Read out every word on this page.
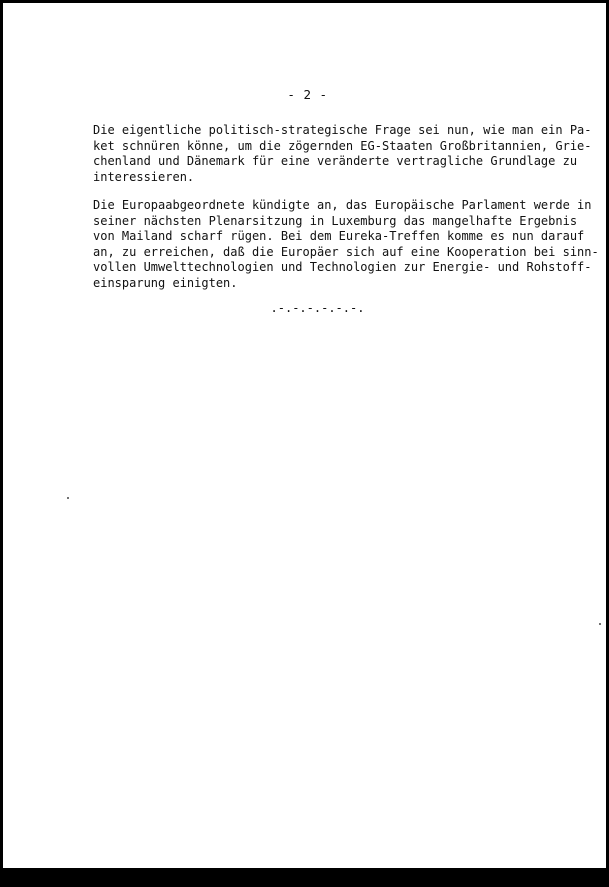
- 2 -
Die eigentliche politisch-strategische Frage sei nun, wie man ein Pa-
ket schnüren könne, um die zögernden EG-Staaten Großbritannien, Grie-
chenland und Dänemark für eine veränderte vertragliche Grundlage zu
interessieren.
Die Europaabgeordnete kündigte an, das Europäische Parlament werde in
seiner nächsten Plenarsitzung in Luxemburg das mangelhafte Ergebnis
von Mailand scharf rügen. Bei dem Eureka-Treffen komme es nun darauf
an, zu erreichen, daß die Europäer sich auf eine Kooperation bei sinn-
vollen Umwelttechnologien und Technologien zur Energie- und Rohstoff-
einsparung einigten.
.-.-.-.-.-.-.
